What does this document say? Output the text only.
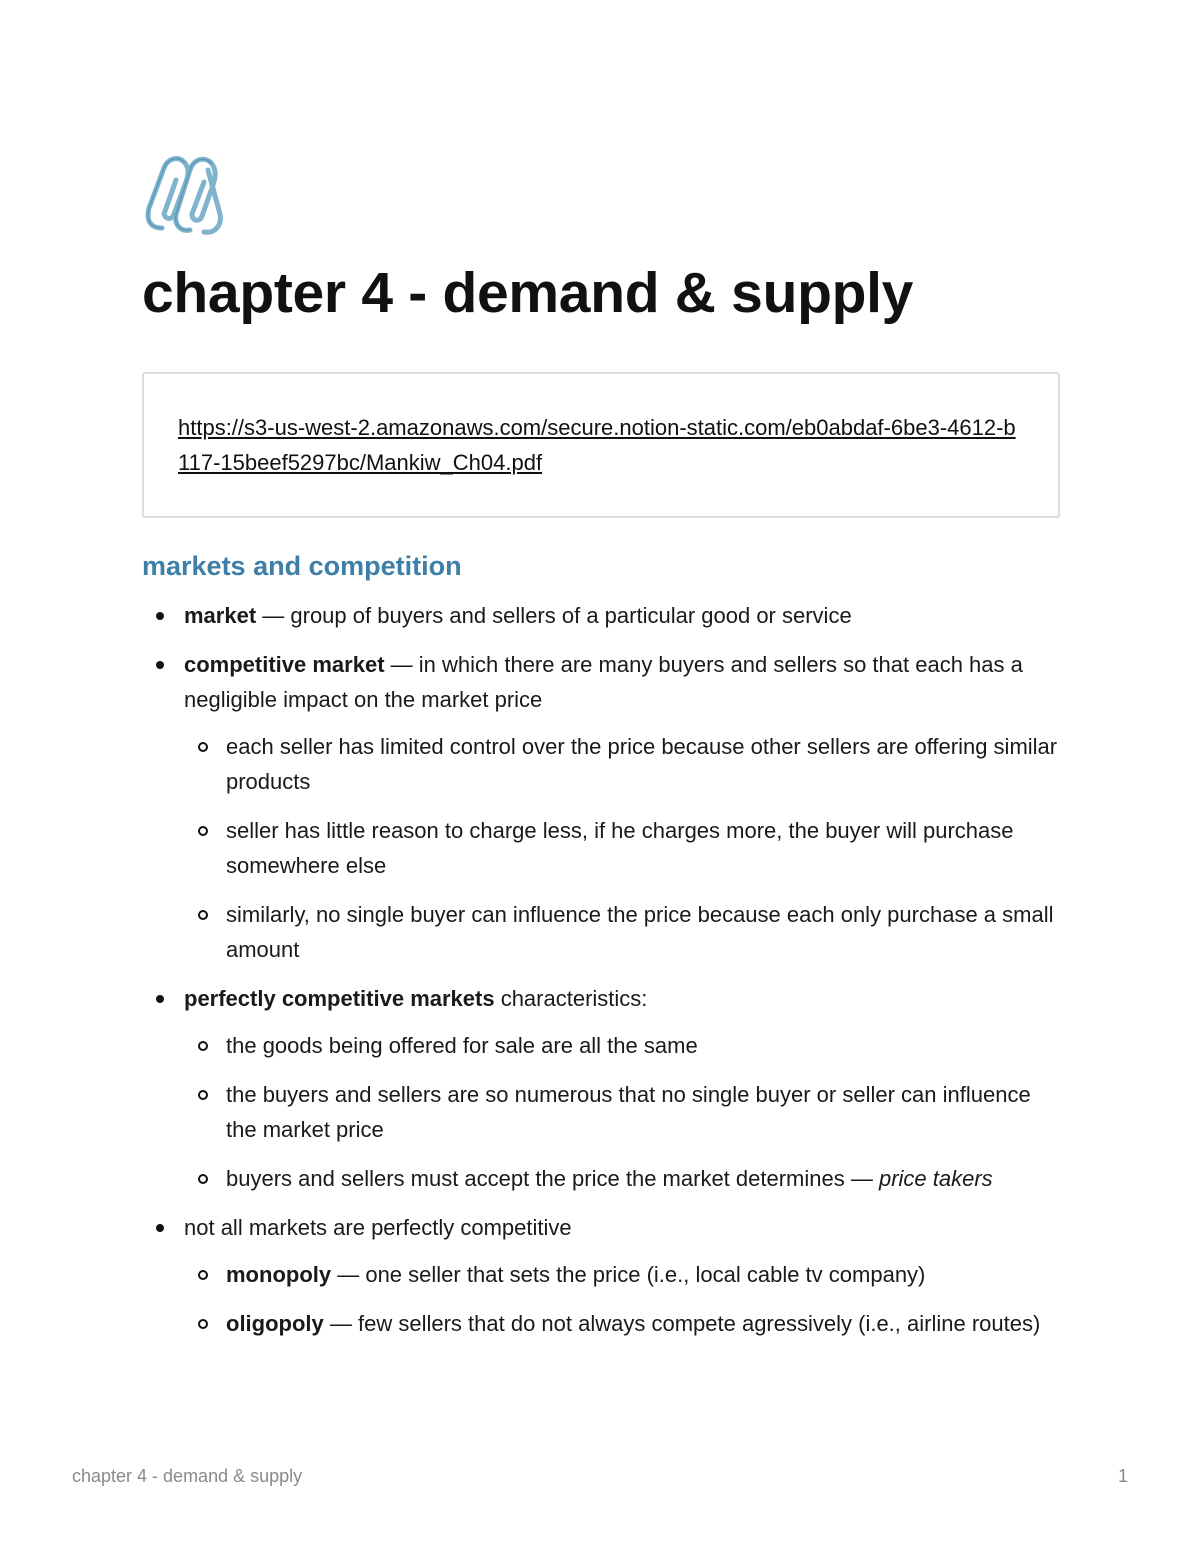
chapter 4 - demand & supply
https://s3-us-west-2.amazonaws.com/secure.notion-static.com/eb0abdaf-6be3-4612-b117-15beef5297bc/Mankiw_Ch04.pdf
markets and competition
market — group of buyers and sellers of a particular good or service
competitive market — in which there are many buyers and sellers so that each has a negligible impact on the market price
each seller has limited control over the price because other sellers are offering similar products
seller has little reason to charge less, if he charges more, the buyer will purchase somewhere else
similarly, no single buyer can influence the price because each only purchase a small amount
perfectly competitive markets characteristics:
the goods being offered for sale are all the same
the buyers and sellers are so numerous that no single buyer or seller can influence the market price
buyers and sellers must accept the price the market determines — price takers
not all markets are perfectly competitive
monopoly — one seller that sets the price (i.e., local cable tv company)
oligopoly — few sellers that do not always compete agressively (i.e., airline routes)
chapter 4 - demand & supply	1
